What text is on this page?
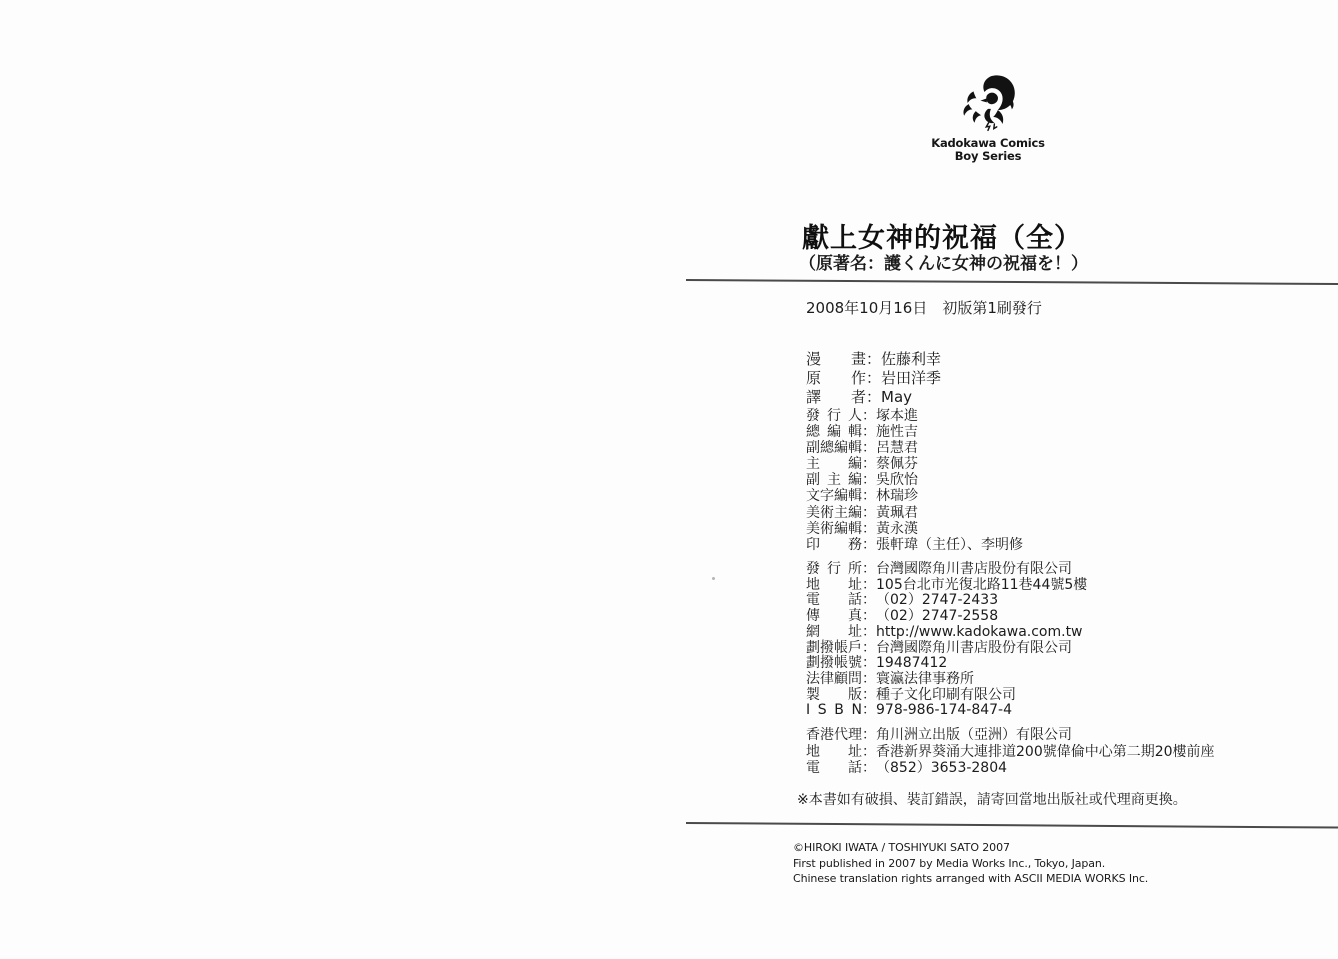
Kadokawa Comics
Boy Series
獻上女神的祝福（全）
（原著名：護くんに女神の祝福を！）
2008年10月16日　初版第1刷發行
漫畫：佐藤利幸
原作：岩田洋季
譯者：May
發行人：塚本進
總編輯：施性吉
副總編輯：呂慧君
主編：蔡佩芬
副主編：吳欣怡
文字編輯：林瑞珍
美術主編：黃珮君
美術編輯：黃永漢
印務：張軒瑋（主任）、李明修
發行所：台灣國際角川書店股份有限公司
地址：105台北市光復北路11巷44號5樓
電話：（02）2747-2433
傳真：（02）2747-2558
網址：http://www.kadokawa.com.tw
劃撥帳戶：台灣國際角川書店股份有限公司
劃撥帳號：19487412
法律顧問：寰瀛法律事務所
製版：種子文化印刷有限公司
I S B N：978-986-174-847-4
香港代理：角川洲立出版（亞洲）有限公司
地址：香港新界葵涌大連排道200號偉倫中心第二期20樓前座
電話：（852）3653-2804
※本書如有破損、裝訂錯誤，請寄回當地出版社或代理商更換。
©HIROKI IWATA / TOSHIYUKI SATO 2007
First published in 2007 by Media Works Inc., Tokyo, Japan.
Chinese translation rights arranged with ASCII MEDIA WORKS Inc.
